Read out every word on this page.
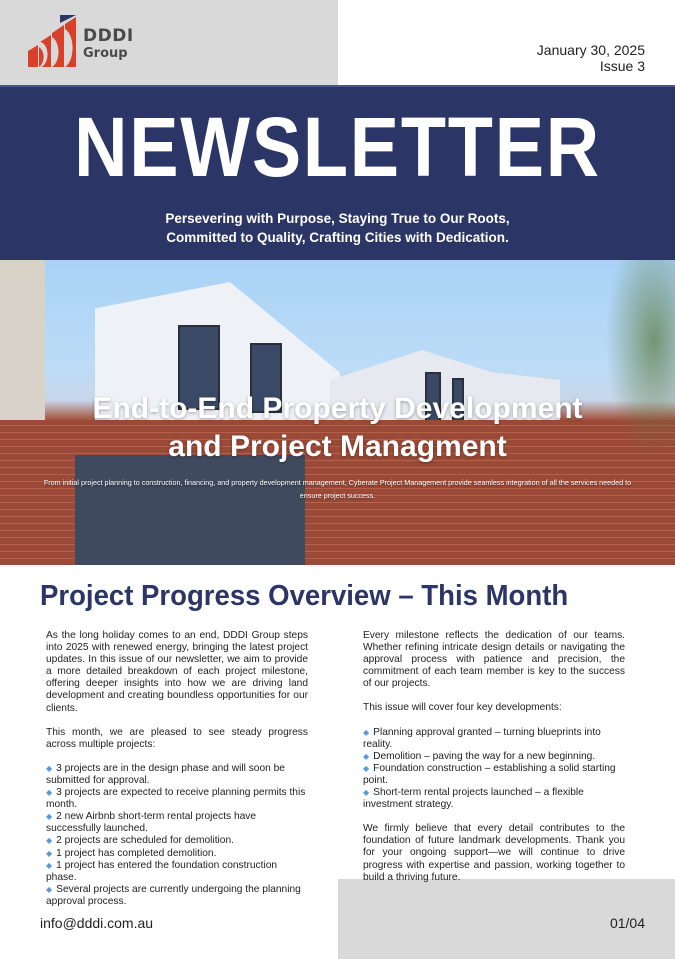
DDDI
Group	January 30, 2025
Issue 3
NEWSLETTER
Persevering with Purpose, Staying True to Our Roots,
Committed to Quality, Crafting Cities with Dedication.
End-to-End Property Development
and Project Managment
From initial project planning to construction, financing, and property development management, Cyberate Project Management provide seamless integration of all the services needed to ensure project success.
Project Progress Overview – This Month

As the long holiday comes to an end, DDDI Group steps into 2025 with renewed energy, bringing the latest project updates. In this issue of our newsletter, we aim to provide a more detailed breakdown of each project milestone, offering deeper insights into how we are driving land development and creating boundless opportunities for our clients.

This month, we are pleased to see steady progress across multiple projects:

◆ 3 projects are in the design phase and will soon be submitted for approval.
◆ 3 projects are expected to receive planning permits this month.
◆ 2 new Airbnb short-term rental projects have successfully launched.
◆ 2 projects are scheduled for demolition.
◆ 1 project has completed demolition.
◆ 1 project has entered the foundation construction phase.
◆ Several projects are currently undergoing the planning approval process.

Every milestone reflects the dedication of our teams. Whether refining intricate design details or navigating the approval process with patience and precision, the commitment of each team member is key to the success of our projects.

This issue will cover four key developments:

◆ Planning approval granted – turning blueprints into reality.
◆ Demolition – paving the way for a new beginning.
◆ Foundation construction – establishing a solid starting point.
◆ Short-term rental projects launched – a flexible investment strategy.

We firmly believe that every detail contributes to the foundation of future landmark developments. Thank you for your ongoing support—we will continue to drive progress with expertise and passion, working together to build a thriving future.

info@dddi.com.au	01/04
